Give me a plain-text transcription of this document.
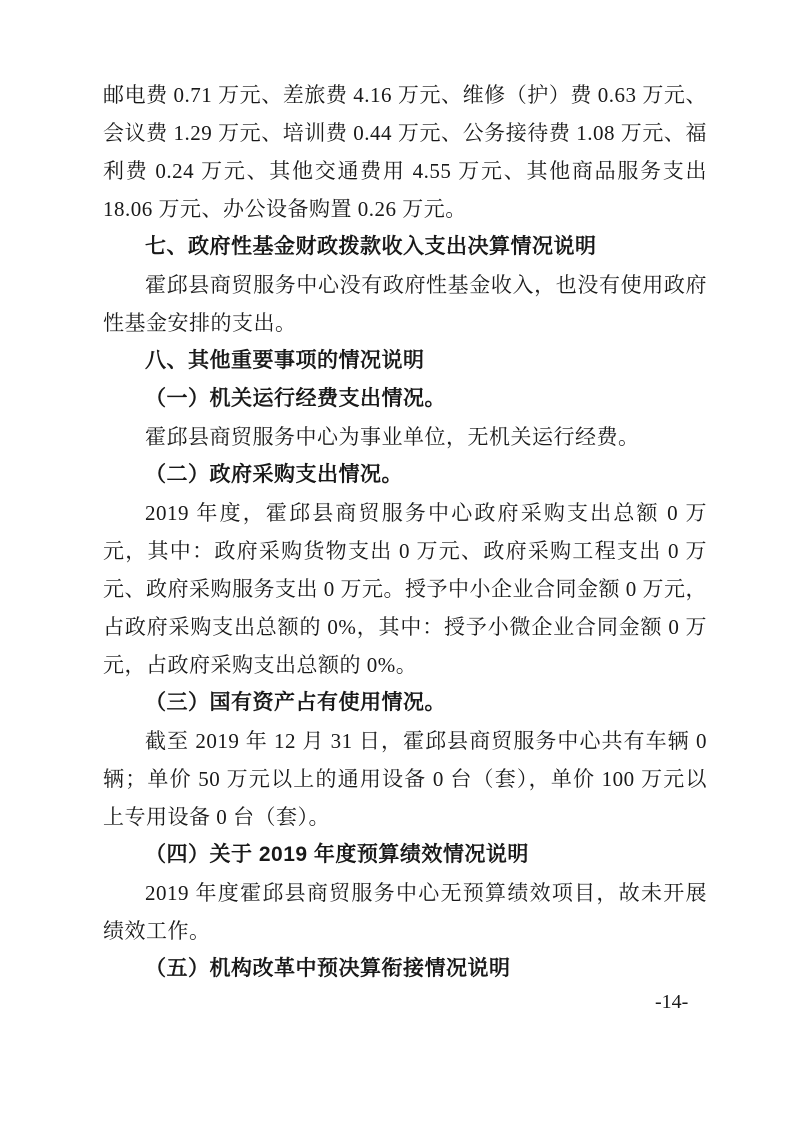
邮电费 0.71 万元、差旅费 4.16 万元、维修（护）费 0.63 万元、会议费 1.29 万元、培训费 0.44 万元、公务接待费 1.08 万元、福利费 0.24 万元、其他交通费用 4.55 万元、其他商品服务支出 18.06 万元、办公设备购置 0.26 万元。

七、政府性基金财政拨款收入支出决算情况说明

霍邱县商贸服务中心没有政府性基金收入，也没有使用政府性基金安排的支出。

八、其他重要事项的情况说明

（一）机关运行经费支出情况。

霍邱县商贸服务中心为事业单位，无机关运行经费。

（二）政府采购支出情况。

2019 年度，霍邱县商贸服务中心政府采购支出总额 0 万元，其中：政府采购货物支出 0 万元、政府采购工程支出 0 万元、政府采购服务支出 0 万元。授予中小企业合同金额 0 万元，占政府采购支出总额的 0%，其中：授予小微企业合同金额 0 万元，占政府采购支出总额的 0%。

（三）国有资产占有使用情况。

截至 2019 年 12 月 31 日，霍邱县商贸服务中心共有车辆 0 辆；单价 50 万元以上的通用设备 0 台（套），单价 100 万元以上专用设备 0 台（套）。

（四）关于 2019 年度预算绩效情况说明

2019 年度霍邱县商贸服务中心无预算绩效项目，故未开展绩效工作。

（五）机构改革中预决算衔接情况说明

-14-
